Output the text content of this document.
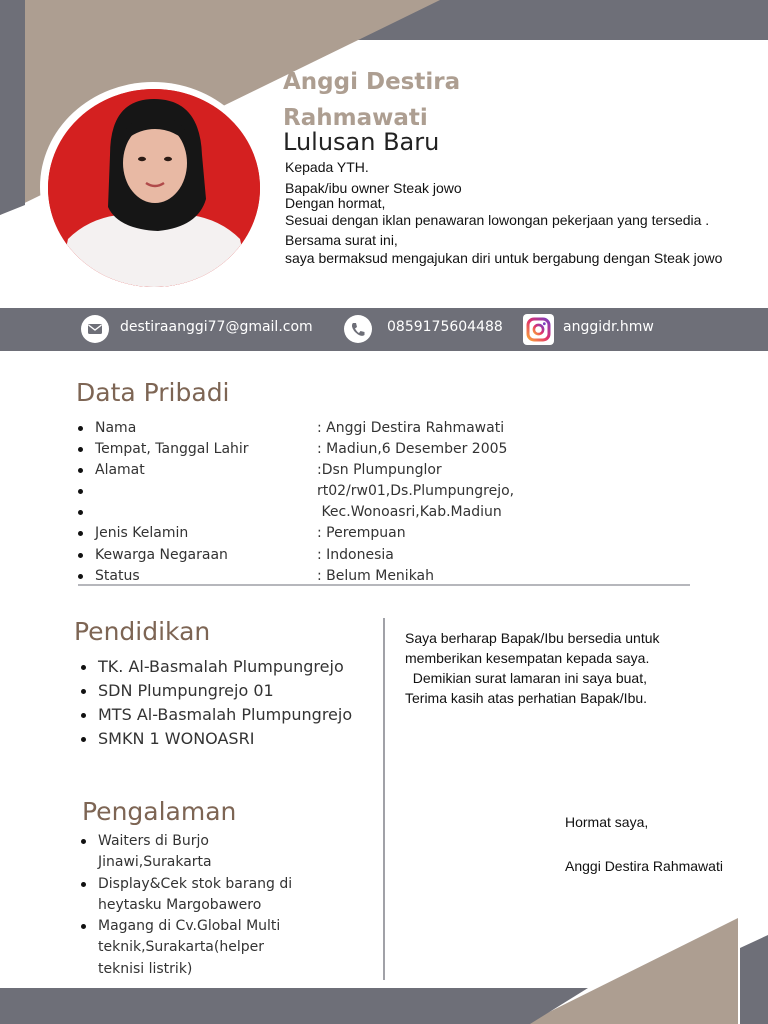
Anggi Destira
Rahmawati
Lulusan Baru
Kepada YTH.
Bapak/ibu owner Steak jowo
Dengan hormat,
Sesuai dengan iklan penawaran lowongan pekerjaan yang tersedia .
Bersama surat ini,
saya bermaksud mengajukan diri untuk bergabung dengan Steak jowo
destiraanggi77@gmail.com	0859175604488	anggidr.hmw
Data Pribadi
Nama	: Anggi Destira Rahmawati
Tempat, Tanggal Lahir	: Madiun,6 Desember 2005
Alamat	:Dsn Plumpunglor
rt02/rw01,Ds.Plumpungrejo,
Kec.Wonoasri,Kab.Madiun
Jenis Kelamin	: Perempuan
Kewarga Negaraan	: Indonesia
Status	: Belum Menikah
Pendidikan
TK. Al-Basmalah Plumpungrejo
SDN Plumpungrejo 01
MTS Al-Basmalah Plumpungrejo
SMKN 1 WONOASRI
Pengalaman
Waiters di Burjo Jinawi,Surakarta
Display&Cek stok barang di heytasku Margobawero
Magang di Cv.Global Multi teknik,Surakarta(helper teknisi listrik)
Saya berharap Bapak/Ibu bersedia untuk
memberikan kesempatan kepada saya.
Demikian surat lamaran ini saya buat,
Terima kasih atas perhatian Bapak/Ibu.
Hormat saya,
Anggi Destira Rahmawati
